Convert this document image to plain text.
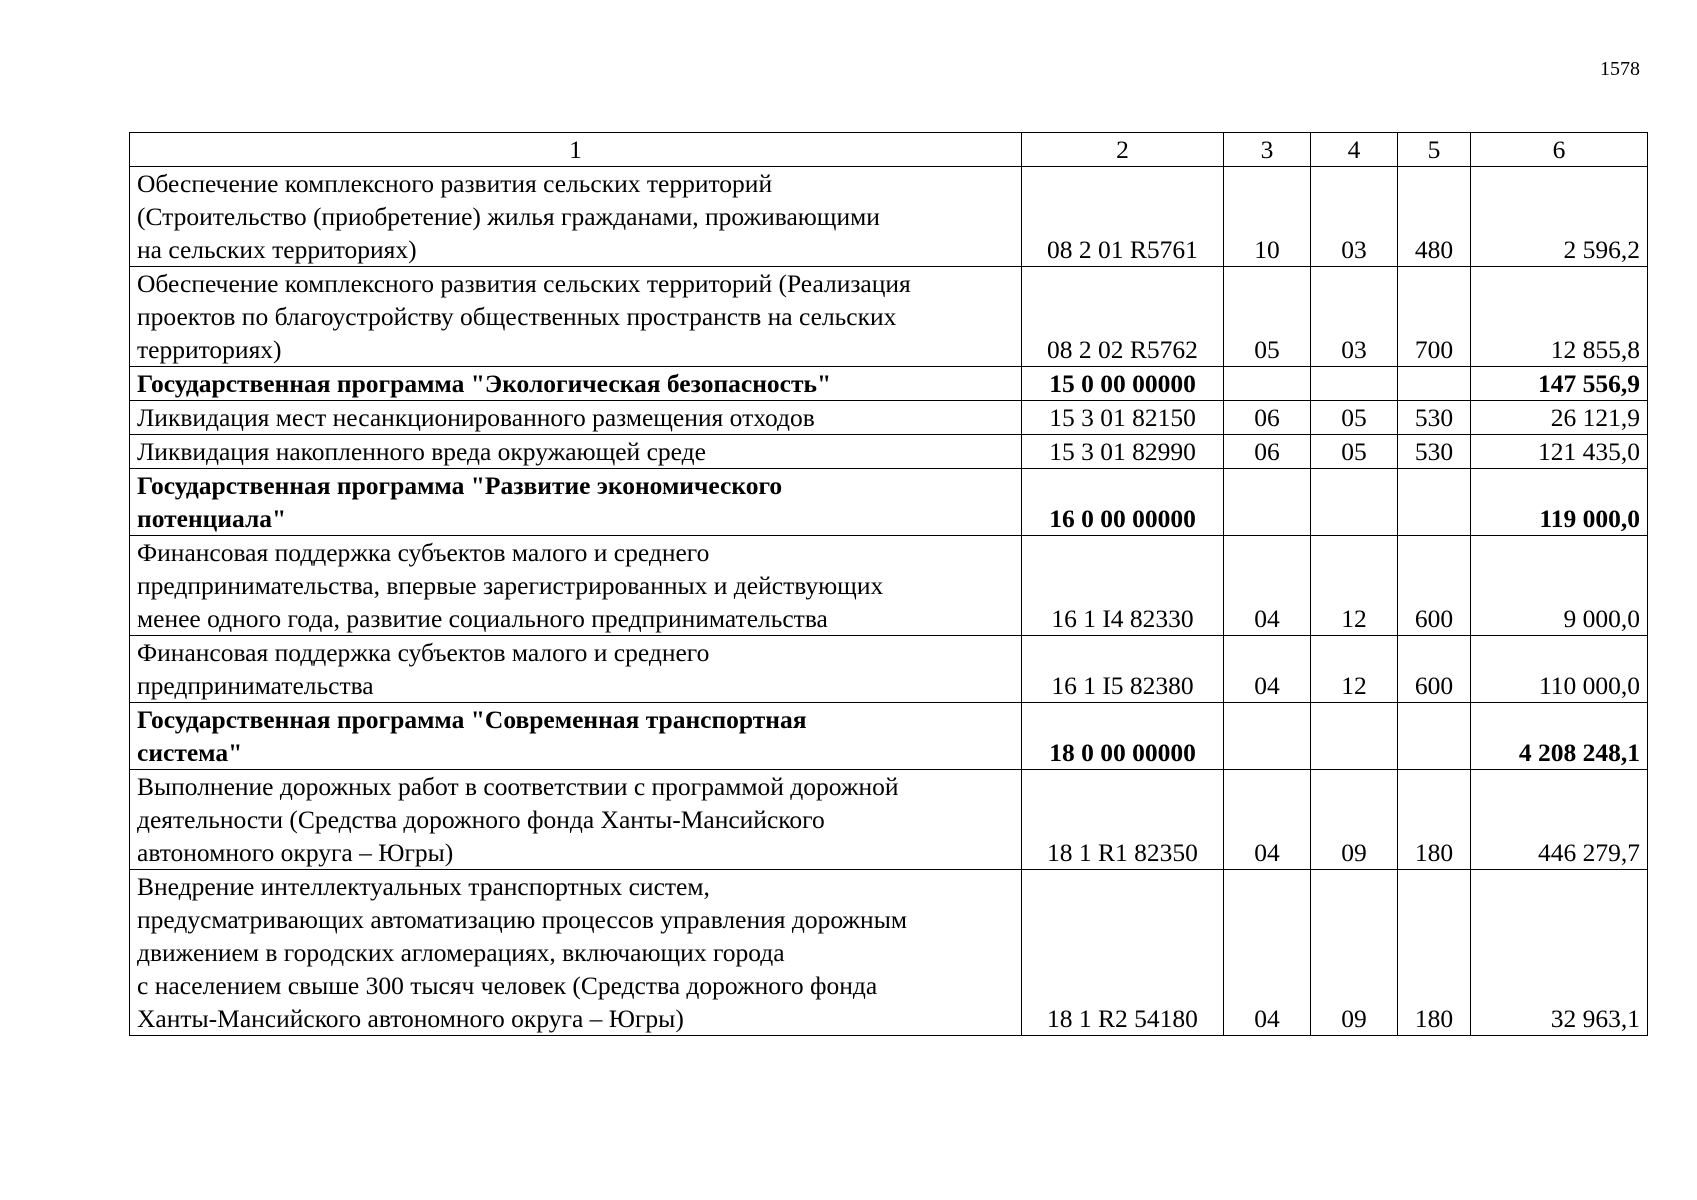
1578
1	2	3	4	5	6

Обеспечение комплексного развития сельских территорий
(Строительство (приобретение) жилья гражданами, проживающими
на сельских территориях)	08 2 01 R5761	10	03	480	2 596,2

Обеспечение комплексного развития сельских территорий (Реализация
проектов по благоустройству общественных пространств на сельских
территориях)	08 2 02 R5762	05	03	700	12 855,8

Государственная программа "Экологическая безопасность"	15 0 00 00000				147 556,9

Ликвидация мест несанкционированного размещения отходов	15 3 01 82150	06	05	530	26 121,9

Ликвидация накопленного вреда окружающей среде	15 3 01 82990	06	05	530	121 435,0

Государственная программа "Развитие экономического
потенциала"	16 0 00 00000				119 000,0

Финансовая поддержка субъектов малого и среднего
предпринимательства, впервые зарегистрированных и действующих
менее одного года, развитие социального предпринимательства	16 1 I4 82330	04	12	600	9 000,0

Финансовая поддержка субъектов малого и среднего
предпринимательства	16 1 I5 82380	04	12	600	110 000,0

Государственная программа "Современная транспортная
система"	18 0 00 00000				4 208 248,1

Выполнение дорожных работ в соответствии с программой дорожной
деятельности (Средства дорожного фонда Ханты-Мансийского
автономного округа – Югры)	18 1 R1 82350	04	09	180	446 279,7

Внедрение интеллектуальных транспортных систем,
предусматривающих автоматизацию процессов управления дорожным
движением в городских агломерациях, включающих города
с населением свыше 300 тысяч человек (Средства дорожного фонда
Ханты-Мансийского автономного округа – Югры)	18 1 R2 54180	04	09	180	32 963,1
